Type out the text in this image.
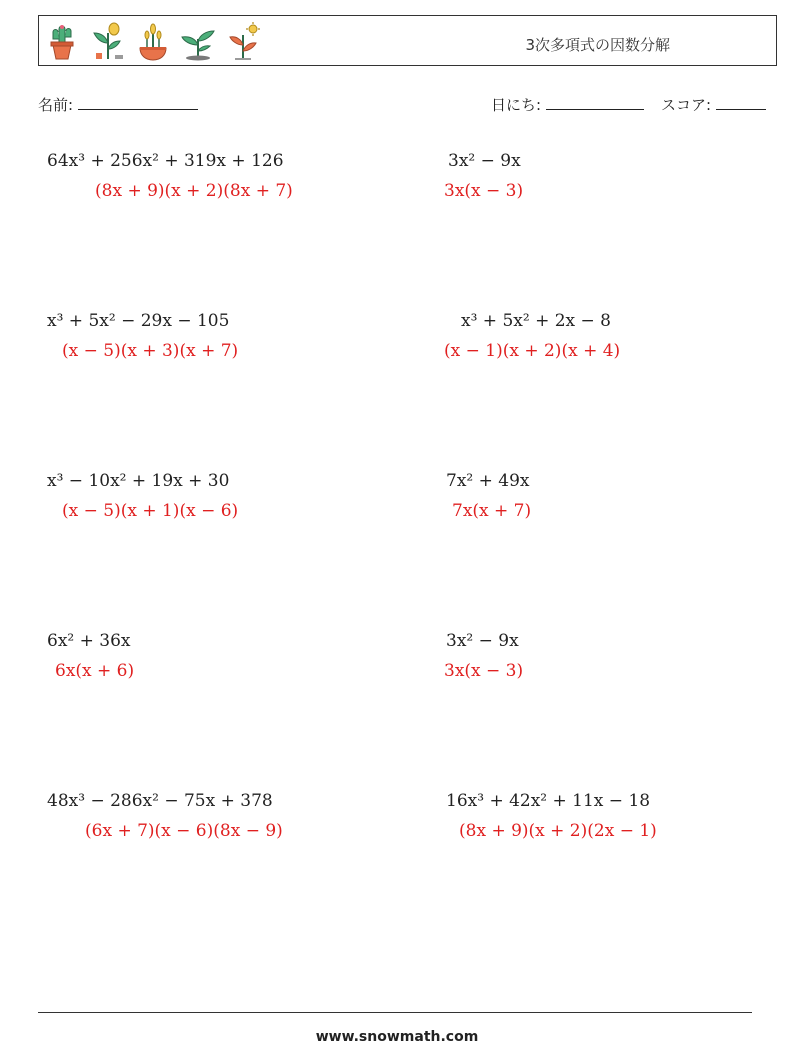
3次多項式の因数分解
名前:	日にち:	スコア:
64x³ + 256x² + 319x + 126
(8x + 9)(x + 2)(8x + 7)
3x² − 9x
3x(x − 3)
x³ + 5x² − 29x − 105
(x − 5)(x + 3)(x + 7)
x³ + 5x² + 2x − 8
(x − 1)(x + 2)(x + 4)
x³ − 10x² + 19x + 30
(x − 5)(x + 1)(x − 6)
7x² + 49x
7x(x + 7)
6x² + 36x
6x(x + 6)
3x² − 9x
3x(x − 3)
48x³ − 286x² − 75x + 378
(6x + 7)(x − 6)(8x − 9)
16x³ + 42x² + 11x − 18
(8x + 9)(x + 2)(2x − 1)
www.snowmath.com
